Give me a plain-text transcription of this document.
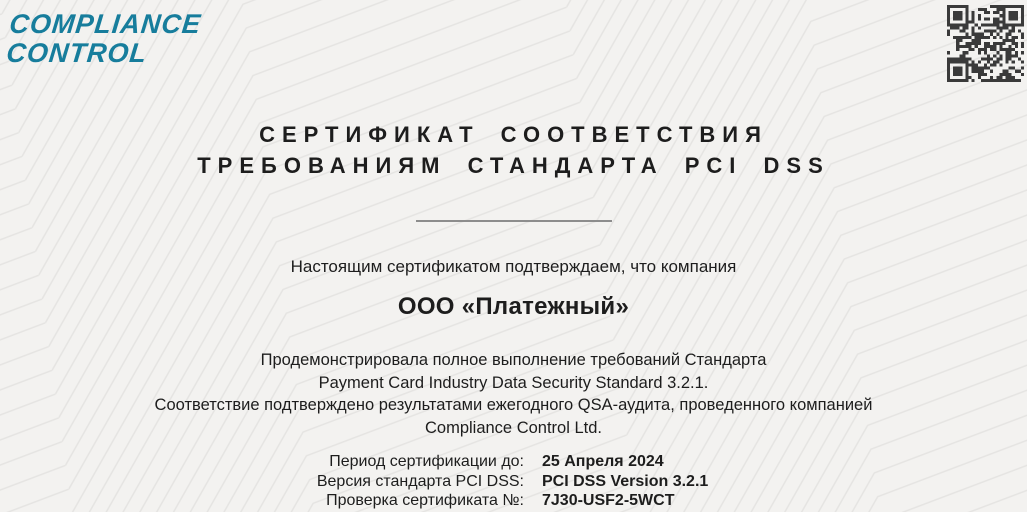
COMPLIANCE
CONTROL
СЕРТИФИКАТ СООТВЕТСТВИЯ
ТРЕБОВАНИЯМ СТАНДАРТА PCI DSS
Настоящим сертификатом подтверждаем, что компания
ООО «Платежный»
Продемонстрировала полное выполнение требований Стандарта
Payment Card Industry Data Security Standard 3.2.1.
Соответствие подтверждено результатами ежегодного QSA-аудита, проведенного компанией
Compliance Control Ltd.
Период сертификации до: 25 Апреля 2024
Версия стандарта PCI DSS: PCI DSS Version 3.2.1
Проверка сертификата №: 7J30-USF2-5WCT
